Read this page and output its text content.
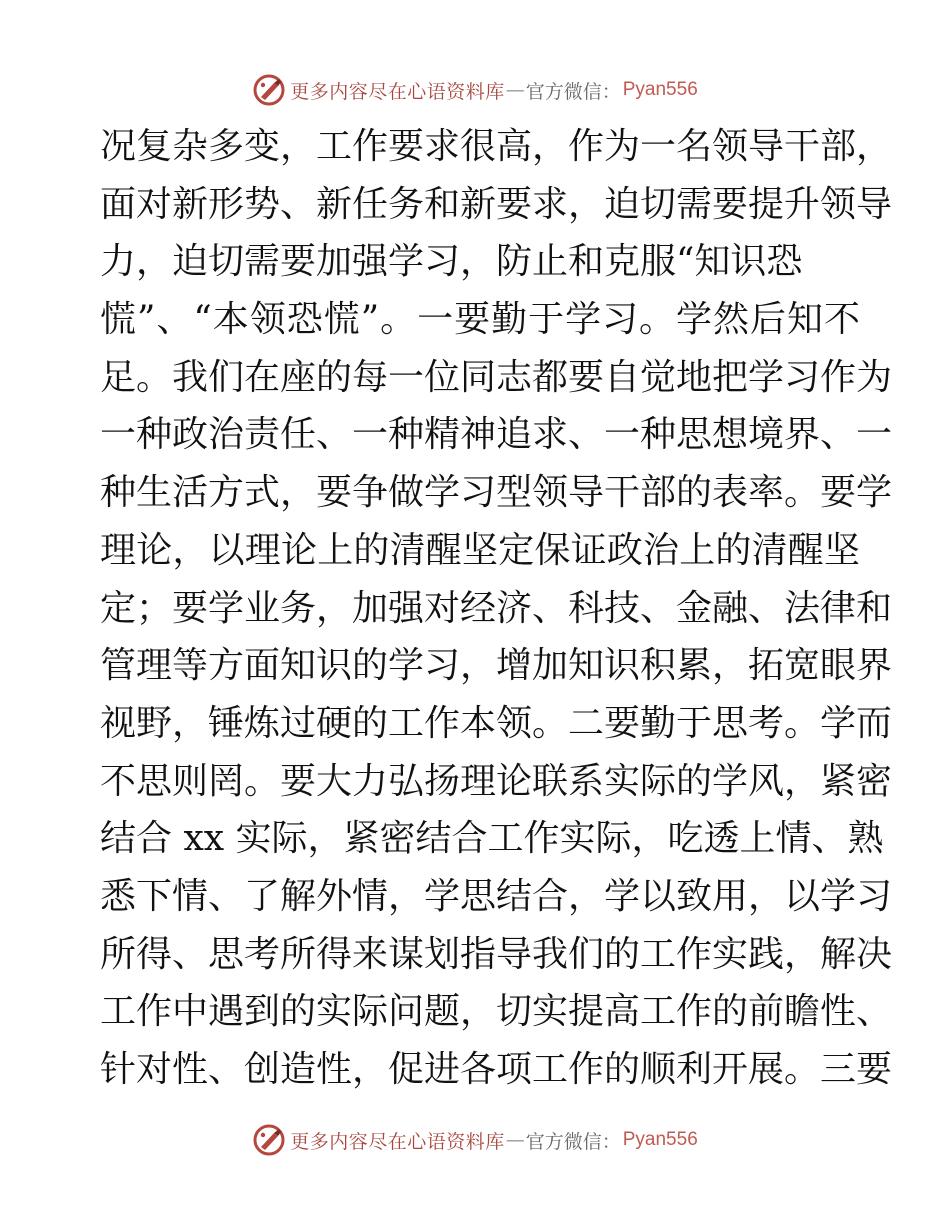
更多内容尽在心语资料库 — 官方微信： Pyan556
况复杂多变，工作要求很高，作为一名领导干部，
面对新形势、新任务和新要求，迫切需要提升领导
力，迫切需要加强学习，防止和克服“知识恐
慌”、“本领恐慌”。一要勤于学习。学然后知不
足。我们在座的每一位同志都要自觉地把学习作为
一种政治责任、一种精神追求、一种思想境界、一
种生活方式，要争做学习型领导干部的表率。要学
理论，以理论上的清醒坚定保证政治上的清醒坚
定；要学业务，加强对经济、科技、金融、法律和
管理等方面知识的学习，增加知识积累，拓宽眼界
视野，锤炼过硬的工作本领。二要勤于思考。学而
不思则罔。要大力弘扬理论联系实际的学风，紧密
结合 xx 实际，紧密结合工作实际，吃透上情、熟
悉下情、了解外情，学思结合，学以致用，以学习
所得、思考所得来谋划指导我们的工作实践，解决
工作中遇到的实际问题，切实提高工作的前瞻性、
针对性、创造性，促进各项工作的顺利开展。三要
更多内容尽在心语资料库 — 官方微信： Pyan556
